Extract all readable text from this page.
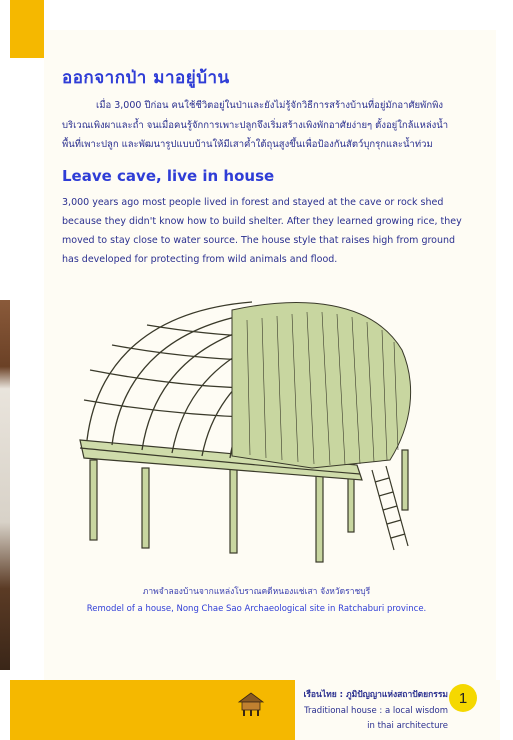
ออกจากป่า มาอยู่บ้าน

เมื่อ 3,000 ปีก่อน คนใช้ชีวิตอยู่ในป่าและยังไม่รู้จักวิธีการสร้างบ้านที่อยู่มักอาศัยพักพิงบริเวณเพิงผาและถ้ำ จนเมื่อคนรู้จักการเพาะปลูกจึงเริ่มสร้างเพิงพักอาศัยง่ายๆ ตั้งอยู่ใกล้แหล่งน้ำพื้นที่เพาะปลูก และพัฒนารูปแบบบ้านให้มีเสาค้ำใต้ถุนสูงขึ้นเพื่อป้องกันสัตว์บุกรุกและน้ำท่วม

Leave cave, live in house

3,000 years ago most people lived in forest and stayed at the cave or rock shed because they didn't know how to build shelter. After they learned growing rice, they moved to stay close to water source. The house style that raises high from ground has developed for protecting from wild animals and flood.

ภาพจำลองบ้านจากแหล่งโบราณคดีหนองแช่เสา จังหวัดราชบุรี

Remodel of a house, Nong Chae Sao Archaeological site in Ratchaburi province.

เรือนไทย : ภูมิปัญญาแห่งสถาปัตยกรรม
Traditional house : a local wisdom
in thai architecture
1
